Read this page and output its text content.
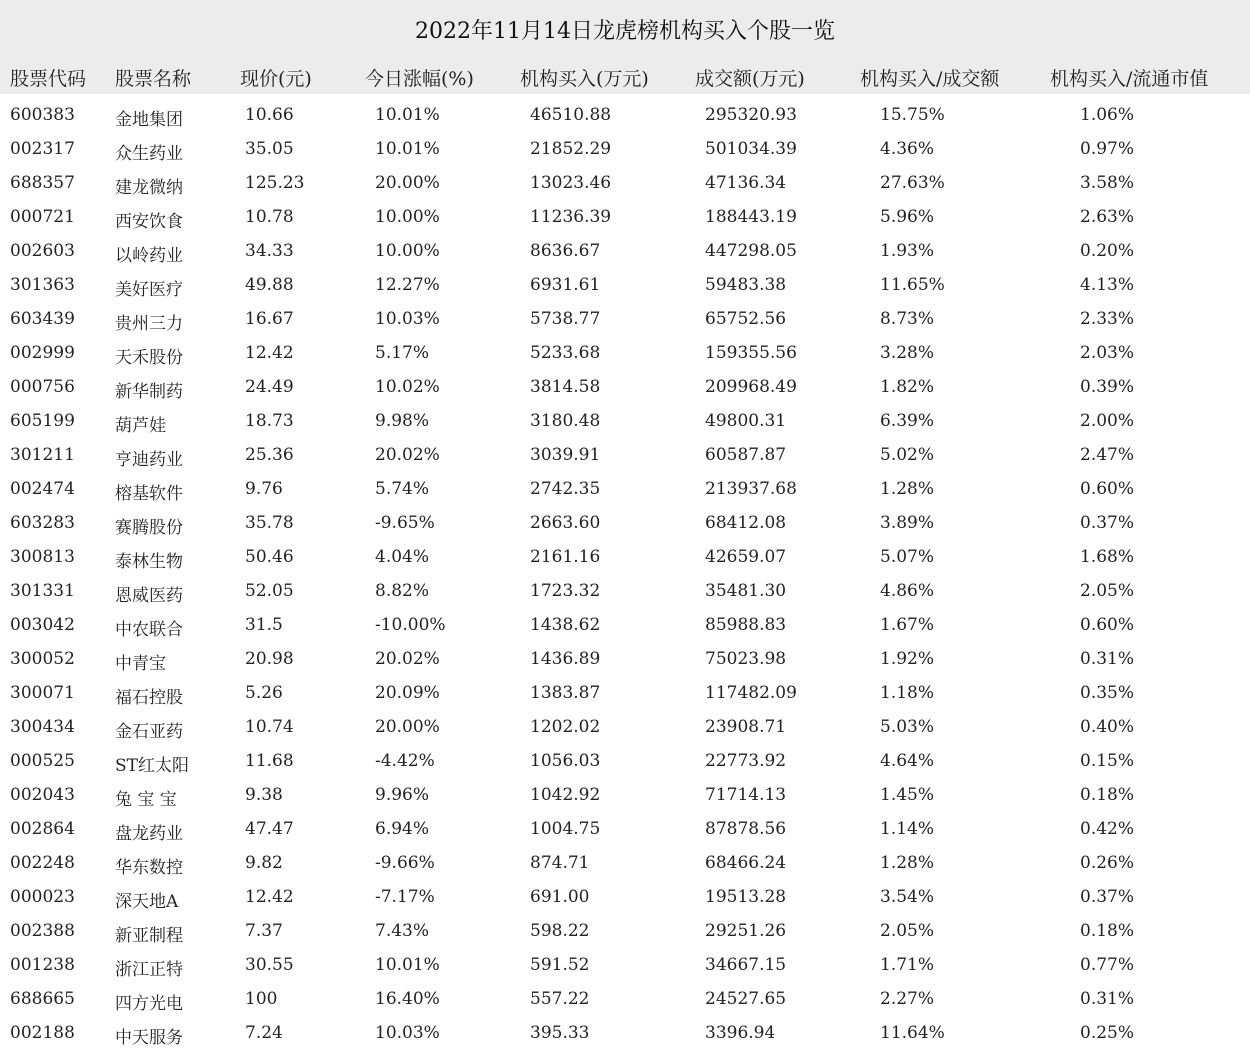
2022年11月14日龙虎榜机构买入个股一览
股票代码 股票名称	现价(元)	今日涨幅(%) 机构买入(万元) 成交额(万元)	机构买入/成交额	机构买入/流通市值
600383 金地集团	10.66	10.01%	46510.88	295320.93	15.75%	1.06%
002317 众生药业	35.05	10.01%	21852.29	501034.39	4.36%	0.97%
688357 建龙微纳	125.23	20.00%	13023.46	47136.34	27.63%	3.58%
000721 西安饮食	10.78	10.00%	11236.39	188443.19	5.96%	2.63%
002603 以岭药业	34.33	10.00%	8636.67	447298.05	1.93%	0.20%
301363 美好医疗	49.88	12.27%	6931.61	59483.38	11.65%	4.13%
603439 贵州三力	16.67	10.03%	5738.77	65752.56	8.73%	2.33%
002999 天禾股份	12.42	5.17%	5233.68	159355.56	3.28%	2.03%
000756 新华制药	24.49	10.02%	3814.58	209968.49	1.82%	0.39%
605199 葫芦娃	18.73	9.98%	3180.48	49800.31	6.39%	2.00%
301211 亨迪药业	25.36	20.02%	3039.91	60587.87	5.02%	2.47%
002474 榕基软件	9.76	5.74%	2742.35	213937.68	1.28%	0.60%
603283 赛腾股份	35.78	-9.65%	2663.60	68412.08	3.89%	0.37%
300813 泰林生物	50.46	4.04%	2161.16	42659.07	5.07%	1.68%
301331 恩威医药	52.05	8.82%	1723.32	35481.30	4.86%	2.05%
003042 中农联合	31.5	-10.00%	1438.62	85988.83	1.67%	0.60%
300052 中青宝	20.98	20.02%	1436.89	75023.98	1.92%	0.31%
300071 福石控股	5.26	20.09%	1383.87	117482.09	1.18%	0.35%
300434 金石亚药	10.74	20.00%	1202.02	23908.71	5.03%	0.40%
000525 ST红太阳	11.68	-4.42%	1056.03	22773.92	4.64%	0.15%
002043 兔 宝 宝	9.38	9.96%	1042.92	71714.13	1.45%	0.18%
002864 盘龙药业	47.47	6.94%	1004.75	87878.56	1.14%	0.42%
002248 华东数控	9.82	-9.66%	874.71	68466.24	1.28%	0.26%
000023 深天地A	12.42	-7.17%	691.00	19513.28	3.54%	0.37%
002388 新亚制程	7.37	7.43%	598.22	29251.26	2.05%	0.18%
001238 浙江正特	30.55	10.01%	591.52	34667.15	1.71%	0.77%
688665 四方光电	100	16.40%	557.22	24527.65	2.27%	0.31%
002188 中天服务	7.24	10.03%	395.33	3396.94	11.64%	0.25%
